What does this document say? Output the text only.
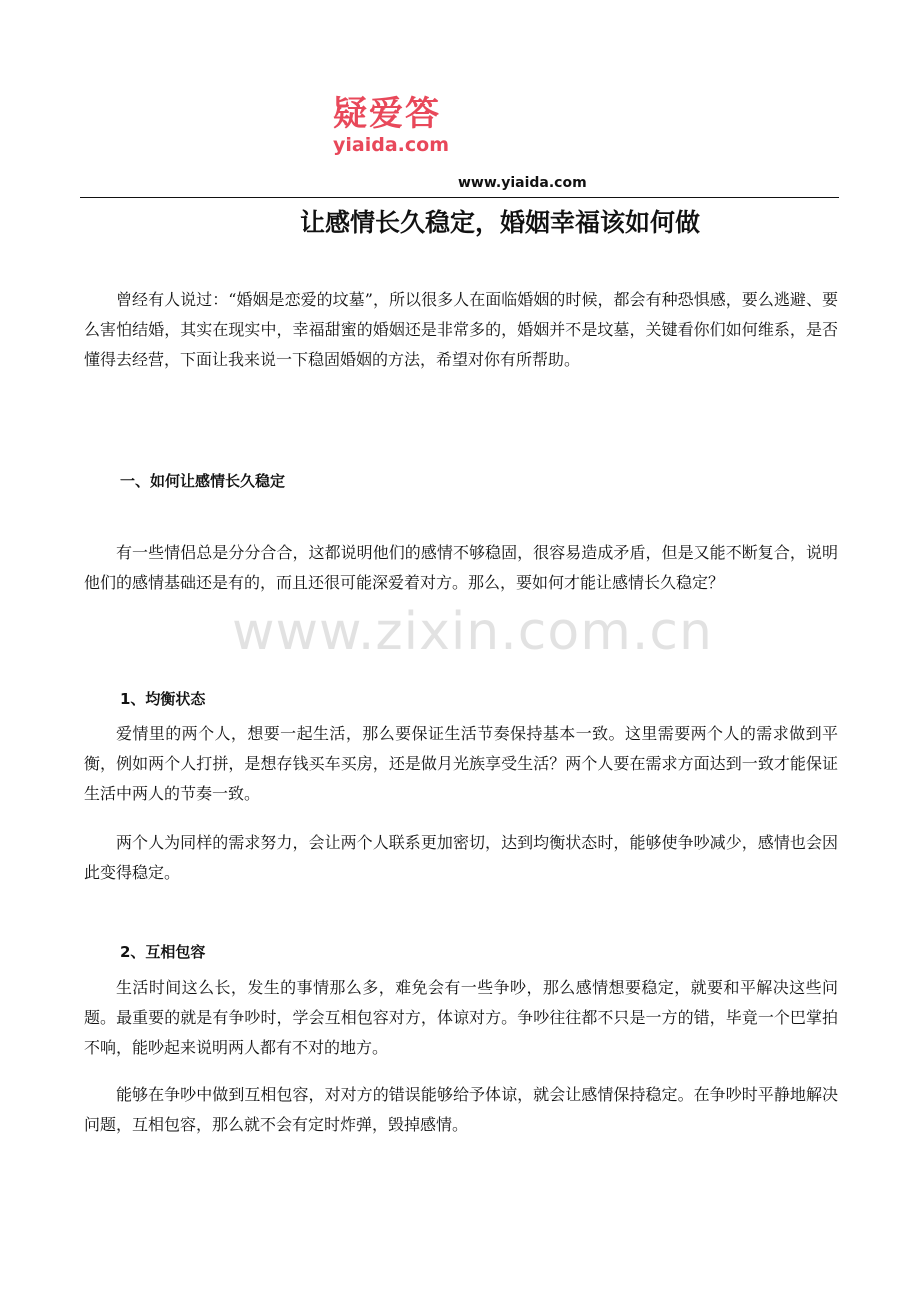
疑爱答
yiaida.com
www.yiaida.com
让感情长久稳定，婚姻幸福该如何做

曾经有人说过：“婚姻是恋爱的坟墓”，所以很多人在面临婚姻的时候，都会有种恐惧感，要么逃避、要么害怕结婚，其实在现实中，幸福甜蜜的婚姻还是非常多的，婚姻并不是坟墓，关键看你们如何维系，是否懂得去经营，下面让我来说一下稳固婚姻的方法，希望对你有所帮助。

一、如何让感情长久稳定

有一些情侣总是分分合合，这都说明他们的感情不够稳固，很容易造成矛盾，但是又能不断复合，说明他们的感情基础还是有的，而且还很可能深爱着对方。那么，要如何才能让感情长久稳定？

1、均衡状态

爱情里的两个人，想要一起生活，那么要保证生活节奏保持基本一致。这里需要两个人的需求做到平衡，例如两个人打拼，是想存钱买车买房，还是做月光族享受生活？两个人要在需求方面达到一致才能保证生活中两人的节奏一致。

两个人为同样的需求努力，会让两个人联系更加密切，达到均衡状态时，能够使争吵减少，感情也会因此变得稳定。

2、互相包容

生活时间这么长，发生的事情那么多，难免会有一些争吵，那么感情想要稳定，就要和平解决这些问题。最重要的就是有争吵时，学会互相包容对方，体谅对方。争吵往往都不只是一方的错，毕竟一个巴掌拍不响，能吵起来说明两人都有不对的地方。

能够在争吵中做到互相包容，对对方的错误能够给予体谅，就会让感情保持稳定。在争吵时平静地解决问题，互相包容，那么就不会有定时炸弹，毁掉感情。

www.zixin.com.cn
